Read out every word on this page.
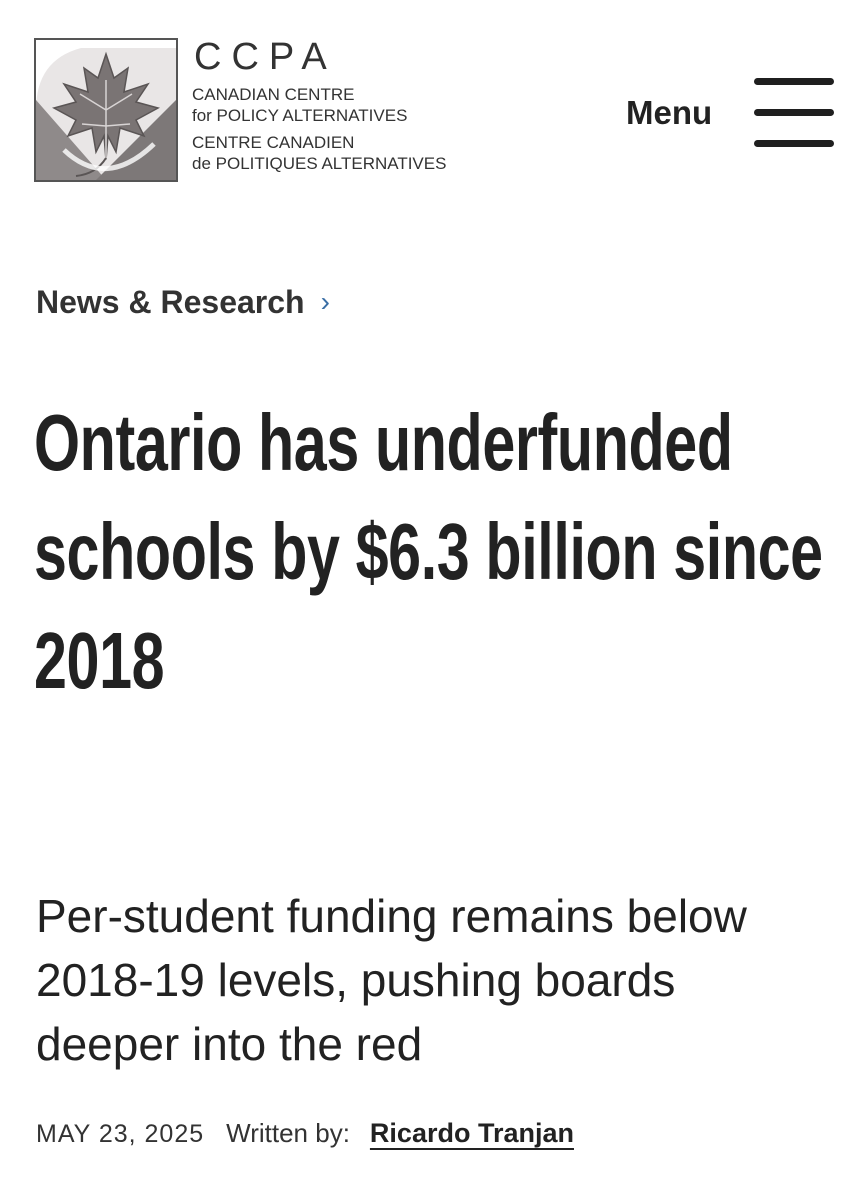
CCPA
CANADIAN CENTRE
for POLICY ALTERNATIVES
CENTRE CANADIEN
de POLITIQUES ALTERNATIVES
Menu
News & Research ›
Ontario has underfunded schools by $6.3 billion since 2018

Per-student funding remains below 2018-19 levels, pushing boards deeper into the red

MAY 23, 2025 Written by: Ricardo Tranjan
